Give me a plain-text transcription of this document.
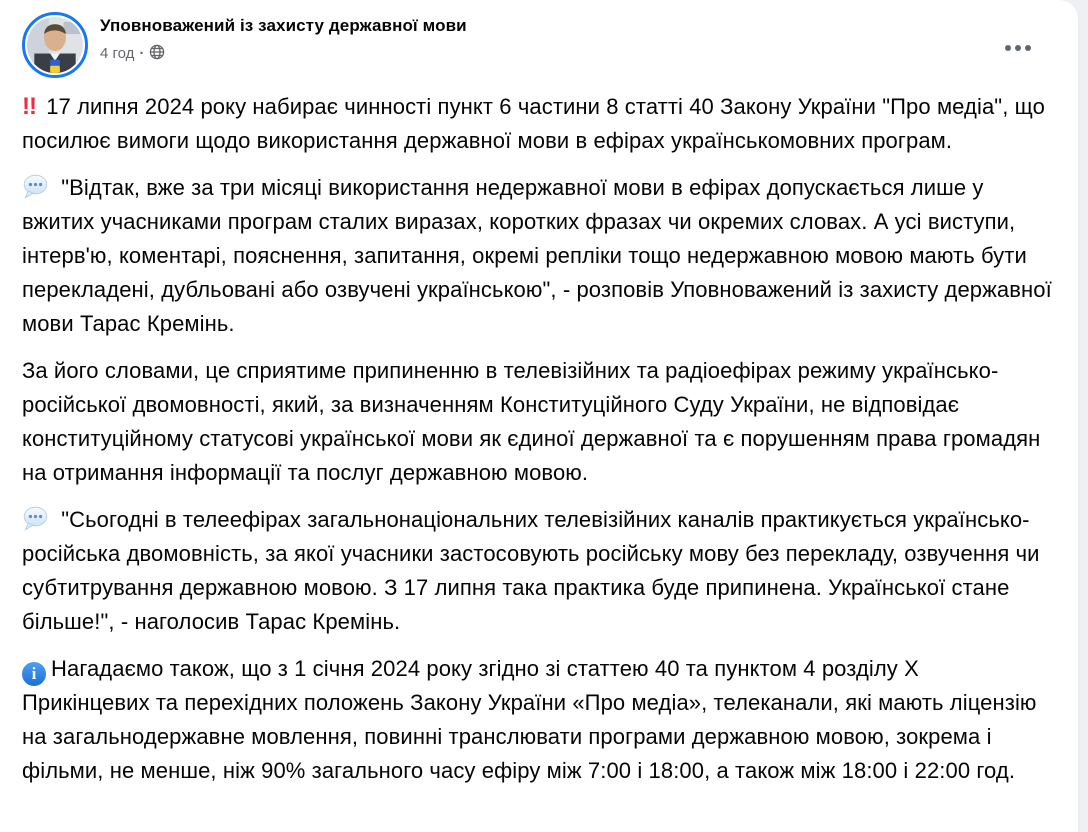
Уповноважений із захисту державної мови
4 год ·

!! 17 липня 2024 року набирає чинності пункт 6 частини 8 статті 40 Закону України "Про медіа", що посилює вимоги щодо використання державної мови в ефірах українськомовних програм.

"Відтак, вже за три місяці використання недержавної мови в ефірах допускається лише у вжитих учасниками програм сталих виразах, коротких фразах чи окремих словах. А усі виступи, інтерв'ю, коментарі, пояснення, запитання, окремі репліки тощо недержавною мовою мають бути перекладені, дубльовані або озвучені українською", - розповів Уповноважений із захисту державної мови Тарас Кремінь.

За його словами, це сприятиме припиненню в телевізійних та радіоефірах режиму українсько-російської двомовності, який, за визначенням Конституційного Суду України, не відповідає конституційному статусові української мови як єдиної державної та є порушенням права громадян на отримання інформації та послуг державною мовою.

"Сьогодні в телеефірах загальнонаціональних телевізійних каналів практикується українсько-російська двомовність, за якої учасники застосовують російську мову без перекладу, озвучення чи субтитрування державною мовою. З 17 липня така практика буде припинена. Української стане більше!", - наголосив Тарас Кремінь.

i Нагадаємо також, що з 1 січня 2024 року згідно зі статтею 40 та пунктом 4 розділу X Прикінцевих та перехідних положень Закону України «Про медіа», телеканали, які мають ліцензію на загальнодержавне мовлення, повинні транслювати програми державною мовою, зокрема і фільми, не менше, ніж 90% загального часу ефіру між 7:00 і 18:00, а також між 18:00 і 22:00 год.
